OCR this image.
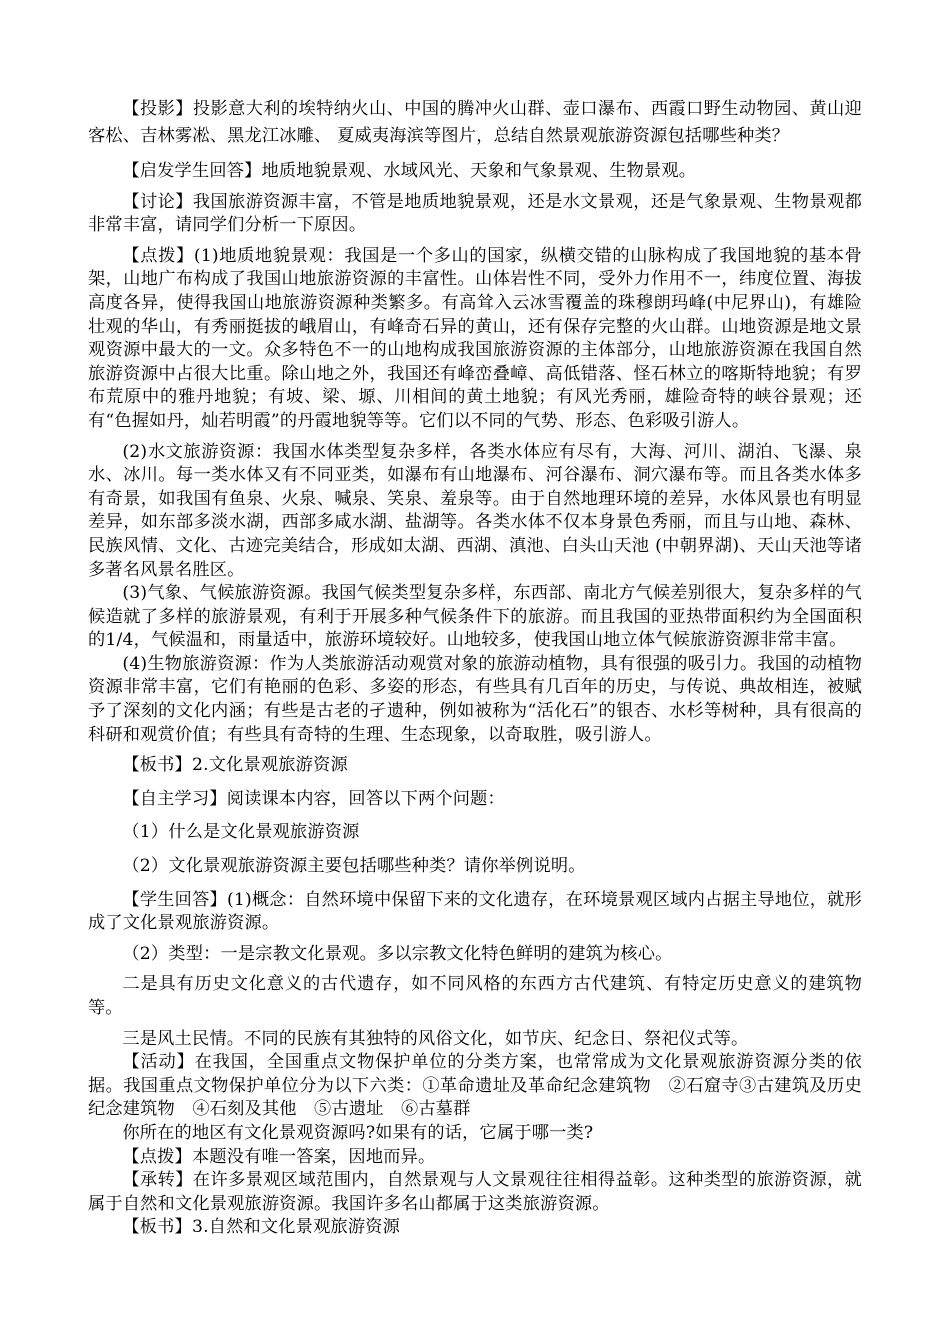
【投影】投影意大利的埃特纳火山、中国的腾冲火山群、壶口瀑布、西霞口野生动物园、黄山迎客松、吉林雾凇、黑龙江冰雕、 夏威夷海滨等图片，总结自然景观旅游资源包括哪些种类？

【启发学生回答】地质地貌景观、水域风光、天象和气象景观、生物景观。

【讨论】我国旅游资源丰富，不管是地质地貌景观，还是水文景观，还是气象景观、生物景观都非常丰富，请同学们分析一下原因。

【点拨】(1)地质地貌景观：我国是一个多山的国家，纵横交错的山脉构成了我国地貌的基本骨架，山地广布构成了我国山地旅游资源的丰富性。山体岩性不同，受外力作用不一，纬度位置、海拔高度各异，使得我国山地旅游资源种类繁多。有高耸入云冰雪覆盖的珠穆朗玛峰(中尼界山)，有雄险壮观的华山，有秀丽挺拔的峨眉山，有峰奇石异的黄山，还有保存完整的火山群。山地资源是地文景观资源中最大的一文。众多特色不一的山地构成我国旅游资源的主体部分，山地旅游资源在我国自然旅游资源中占很大比重。除山地之外，我国还有峰峦叠嶂、高低错落、怪石林立的喀斯特地貌；有罗布荒原中的雅丹地貌；有坡、梁、塬、川相间的黄土地貌；有风光秀丽，雄险奇特的峡谷景观；还有“色握如丹，灿若明霞”的丹霞地貌等等。它们以不同的气势、形态、色彩吸引游人。

(2)水文旅游资源：我国水体类型复杂多样，各类水体应有尽有，大海、河川、湖泊、飞瀑、泉水、冰川。每一类水体又有不同亚类，如瀑布有山地瀑布、河谷瀑布、洞穴瀑布等。而且各类水体多有奇景，如我国有鱼泉、火泉、喊泉、笑泉、羞泉等。由于自然地理环境的差异，水体风景也有明显差异，如东部多淡水湖，西部多咸水湖、盐湖等。各类水体不仅本身景色秀丽，而且与山地、森林、民族风情、文化、古迹完美结合，形成如太湖、西湖、滇池、白头山天池 (中朝界湖)、天山天池等诸多著名风景名胜区。

(3)气象、气候旅游资源。我国气候类型复杂多样，东西部、南北方气候差别很大，复杂多样的气候造就了多样的旅游景观，有利于开展多种气候条件下的旅游。而且我国的亚热带面积约为全国面积的1/4，气候温和，雨量适中，旅游环境较好。山地较多，使我国山地立体气候旅游资源非常丰富。

(4)生物旅游资源：作为人类旅游活动观赏对象的旅游动植物，具有很强的吸引力。我国的动植物资源非常丰富，它们有艳丽的色彩、多姿的形态，有些具有几百年的历史，与传说、典故相连，被赋予了深刻的文化内涵；有些是古老的孑遗种，例如被称为“活化石”的银杏、水杉等树种，具有很高的科研和观赏价值；有些具有奇特的生理、生态现象，以奇取胜，吸引游人。

【板书】2.文化景观旅游资源

【自主学习】阅读课本内容，回答以下两个问题：

（1）什么是文化景观旅游资源

（2）文化景观旅游资源主要包括哪些种类？请你举例说明。

【学生回答】(1)概念：自然环境中保留下来的文化遗存，在环境景观区域内占据主导地位，就形成了文化景观旅游资源。

（2）类型：一是宗教文化景观。多以宗教文化特色鲜明的建筑为核心。

二是具有历史文化意义的古代遗存，如不同风格的东西方古代建筑、有特定历史意义的建筑物等。

三是风土民情。不同的民族有其独特的风俗文化，如节庆、纪念日、祭祀仪式等。

【活动】在我国，全国重点文物保护单位的分类方案，也常常成为文化景观旅游资源分类的依据。我国重点文物保护单位分为以下六类：①革命遗址及革命纪念建筑物　②石窟寺③古建筑及历史纪念建筑物　④石刻及其他　⑤古遗址　⑥古墓群

你所在的地区有文化景观资源吗?如果有的话，它属于哪一类?

【点拨】本题没有唯一答案，因地而异。

【承转】在许多景观区域范围内，自然景观与人文景观往往相得益彰。这种类型的旅游资源，就属于自然和文化景观旅游资源。我国许多名山都属于这类旅游资源。

【板书】3.自然和文化景观旅游资源
